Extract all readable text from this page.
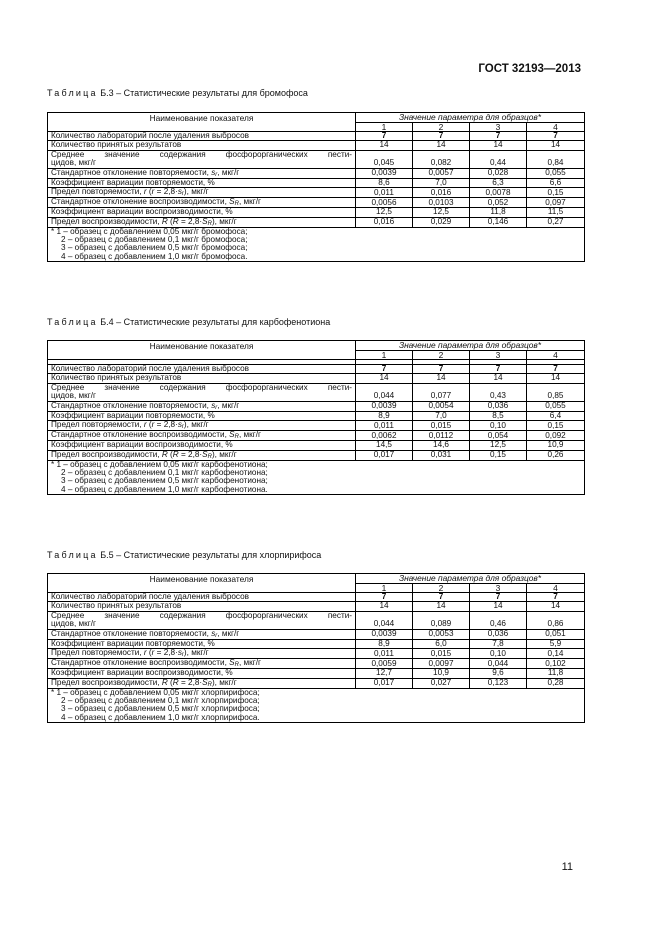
ГОСТ 32193—2013
Таблица Б.3 – Статистические результаты для бромофоса
Наименование показателя	Значение параметра для образцов*			
	1	2	3	4
Количество лабораторий после удаления выбросов	7	7	7	7
Количество принятых результатов	14	14	14	14

Среднее значение содержания фосфорорганических пести-
цидов, мкг/г	0,045	0,082	0,44	0,84
Стандартное отклонение повторяемости, $s_r$, мкг/г	0,0039	0,0057	0,028	0,055
Коэффициент вариации повторяемости, %	8,6	7,0	6,3	6,6
Предел повторяемости, r $(r = 2,8\cdot s_r)$, мкг/г	0,011	0,016	0,0078	0,15
Стандартное отклонение воспроизводимости, $S_R$, мкг/г	0,0056	0,0103	0,052	0,097
Коэффициент вариации воспроизводимости, %	12,5	12,5	11,8	11,5
Предел воспроизводимости, R $(R = 2,8\cdot S_R)$, мкг/г	0,016	0,029	0,146	0,27

* 1 – образец с добавлением 0,05 мкг/г бромофоса;
2 – образец с добавлением 0,1 мкг/г бромофоса;
3 – образец с добавлением 0,5 мкг/г бромофоса;
4 – образец с добавлением 1,0 мкг/г бромофоса.				
Таблица Б.4 – Статистические результаты для карбофенотиона
Наименование показателя	Значение параметра для образцов*			
	1	2	3	4

Количество лабораторий после удаления выбросов	7	7	7	7
Количество принятых результатов	14	14	14	14

Среднее значение содержания фосфорорганических пести-
цидов, мкг/г	0,044	0,077	0,43	0,85
Стандартное отклонение повторяемости, $s_r$, мкг/г	0,0039	0,0054	0,036	0,055
Коэффициент вариации повторяемости, %	8,9	7,0	8,5	6,4
Предел повторяемости, r $(r = 2,8\cdot s_r)$, мкг/г	0,011	0,015	0,10	0,15
Стандартное отклонение воспроизводимости, $S_R$, мкг/г	0,0062	0,0112	0,054	0,092
Коэффициент вариации воспроизводимости, %	14,5	14,6	12,5	10,9
Предел воспроизводимости, R $(R = 2,8\cdot S_R)$, мкг/г	0,017	0,031	0,15	0,26

* 1 – образец с добавлением 0,05 мкг/г карбофенотиона;
2 – образец с добавлением 0,1 мкг/г карбофенотиона;
3 – образец с добавлением 0,5 мкг/г карбофенотиона;
4 – образец с добавлением 1,0 мкг/г карбофенотиона.				
Таблица Б.5 – Статистические результаты для хлорпирифоса
Наименование показателя	Значение параметра для образцов*			
	1	2	3	4
Количество лабораторий после удаления выбросов	7	7	7	7
Количество принятых результатов	14	14	14	14

Среднее значение содержания фосфорорганических пести-
цидов, мкг/г	0,044	0,089	0,46	0,86
Стандартное отклонение повторяемости, $s_r$, мкг/г	0,0039	0,0053	0,036	0,051
Коэффициент вариации повторяемости, %	8,9	6,0	7,8	5,9
Предел повторяемости, r $(r = 2,8\cdot s_r)$, мкг/г	0,011	0,015	0,10	0,14
Стандартное отклонение воспроизводимости, $S_R$, мкг/г	0,0059	0,0097	0,044	0,102
Коэффициент вариации воспроизводимости, %	12,7	10,9	9,6	11,8
Предел воспроизводимости, R $(R = 2,8\cdot S_R)$, мкг/г	0,017	0,027	0,123	0,28

* 1 – образец с добавлением 0,05 мкг/г хлорпирифоса;
2 – образец с добавлением 0,1 мкг/г хлорпирифоса;
3 – образец с добавлением 0,5 мкг/г хлорпирифоса;
4 – образец с добавлением 1,0 мкг/г хлорпирифоса.				
11
